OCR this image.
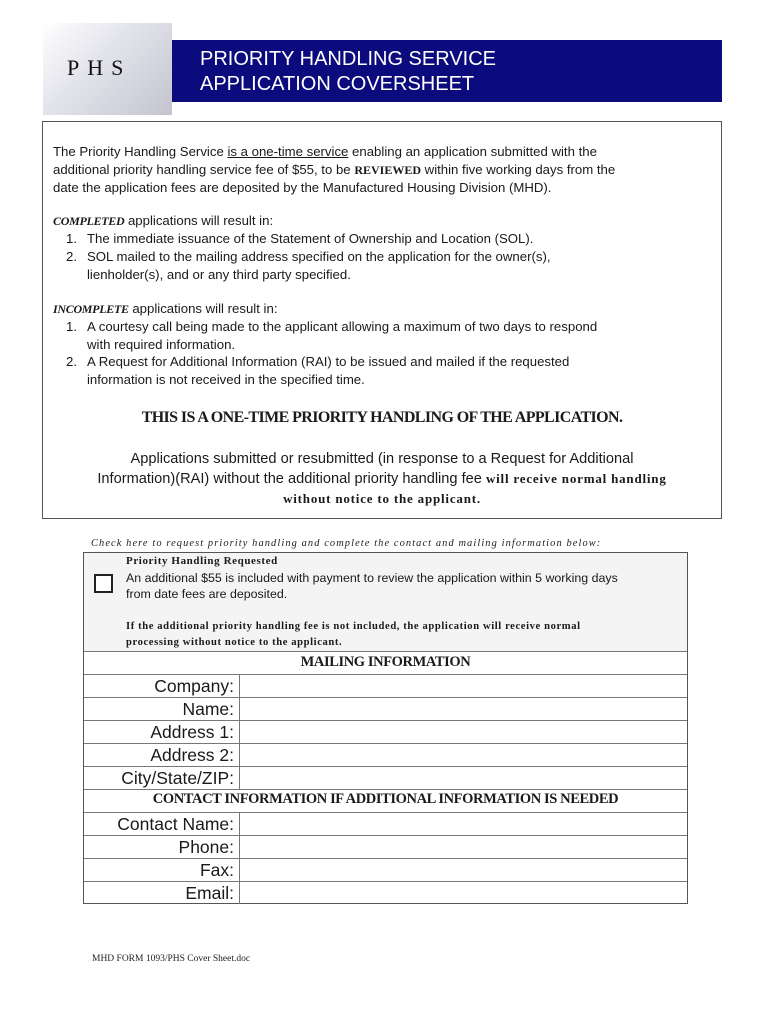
PHS	PRIORITY HANDLING SERVICE
APPLICATION COVERSHEET

The Priority Handling Service is a one-time service enabling an application submitted with the
additional priority handling service fee of $55, to be REVIEWED within five working days from the
date the application fees are deposited by the Manufactured Housing Division (MHD).

COMPLETED applications will result in:

1. The immediate issuance of the Statement of Ownership and Location (SOL).
2. SOL mailed to the mailing address specified on the application for the owner(s),
lienholder(s), and or any third party specified.

INCOMPLETE applications will result in:

1. A courtesy call being made to the applicant allowing a maximum of two days to respond
with required information.
2. A Request for Additional Information (RAI) to be issued and mailed if the requested
information is not received in the specified time.
THIS IS A ONE-TIME PRIORITY HANDLING OF THE APPLICATION.
Applications submitted or resubmitted (in response to a Request for Additional
Information)(RAI) without the additional priority handling fee will receive normal handling
without notice to the applicant.
Check here to request priority handling and complete the contact and mailing information below:
Priority Handling Requested
An additional $55 is included with payment to review the application within 5 working days
from date fees are deposited.
If the additional priority handling fee is not included, the application will receive normal
processing without notice to the applicant.
MAILING INFORMATION
Company:
Name:
Address 1:
Address 2:
City/State/ZIP:
CONTACT INFORMATION IF ADDITIONAL INFORMATION IS NEEDED
Contact Name:
Phone:
Fax:
Email:
MHD FORM 1093/PHS Cover Sheet.doc
